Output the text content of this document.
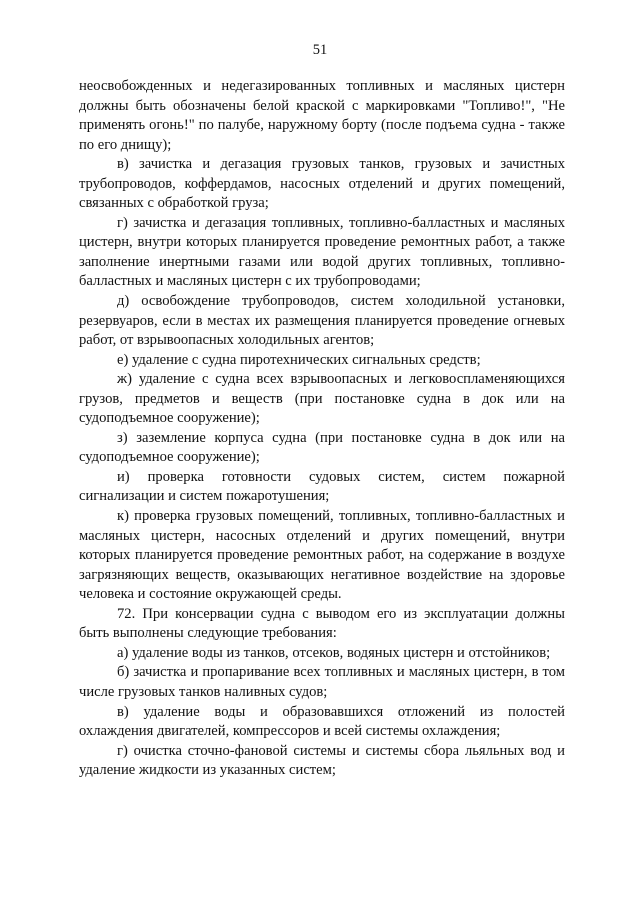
51

неосвобожденных и недегазированных топливных и масляных цистерн должны быть обозначены белой краской с маркировками "Топливо!", "Не применять огонь!" по палубе, наружному борту (после подъема судна - также по его днищу);

в) зачистка и дегазация грузовых танков, грузовых и зачистных трубопроводов, коффердамов, насосных отделений и других помещений, связанных с обработкой груза;

г) зачистка и дегазация топливных, топливно-балластных и масляных цистерн, внутри которых планируется проведение ремонтных работ, а также заполнение инертными газами или водой других топливных, топливно-балластных и масляных цистерн с их трубопроводами;

д) освобождение трубопроводов, систем холодильной установки, резервуаров, если в местах их размещения планируется проведение огневых работ, от взрывоопасных холодильных агентов;

е) удаление с судна пиротехнических сигнальных средств;

ж) удаление с судна всех взрывоопасных и легковоспламеняющихся грузов, предметов и веществ (при постановке судна в док или на судоподъемное сооружение);

з) заземление корпуса судна (при постановке судна в док или на судоподъемное сооружение);

и) проверка готовности судовых систем, систем пожарной сигнализации и систем пожаротушения;

к) проверка грузовых помещений, топливных, топливно-балластных и масляных цистерн, насосных отделений и других помещений, внутри которых планируется проведение ремонтных работ, на содержание в воздухе загрязняющих веществ, оказывающих негативное воздействие на здоровье человека и состояние окружающей среды.

72. При консервации судна с выводом его из эксплуатации должны быть выполнены следующие требования:

а) удаление воды из танков, отсеков, водяных цистерн и отстойников;

б) зачистка и пропаривание всех топливных и масляных цистерн, в том числе грузовых танков наливных судов;

в) удаление воды и образовавшихся отложений из полостей охлаждения двигателей, компрессоров и всей системы охлаждения;

г) очистка сточно-фановой системы и системы сбора льяльных вод и удаление жидкости из указанных систем;
